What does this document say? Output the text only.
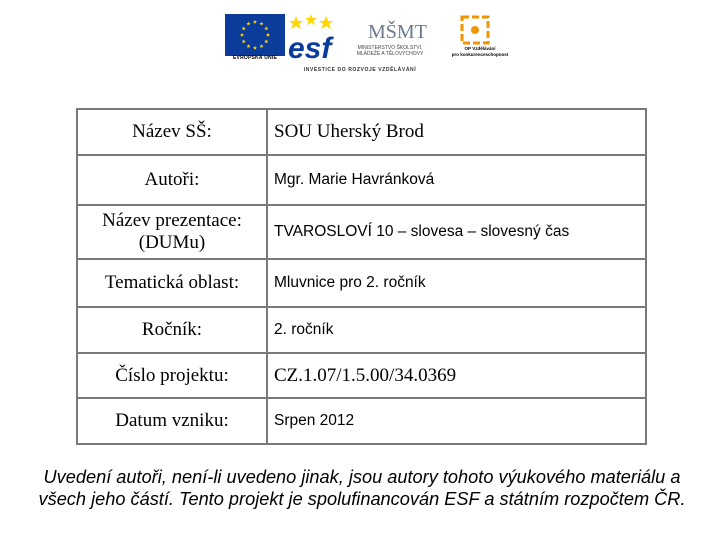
EVROPSKÁ UNIE esf MŠMT
MINISTERSTVO ŠKOLSTVÍ,
MLÁDEŽE A TĚLOVÝCHOVY
OP Vzdělávání
pro konkurenceschopnost
INVESTICE DO ROZVOJE VZDĚLÁVÁNÍ
Název SŠ:	SOU Uherský Brod
Autoři:	Mgr. Marie Havránková

Název prezentace:
(DUMu)	TVAROSLOVÍ 10 – slovesa – slovesný čas
Tematická oblast:	Mluvnice pro 2. ročník
Ročník:	2. ročník
Číslo projektu:	CZ.1.07/1.5.00/34.0369
Datum vzniku:	Srpen 2012
Uvedení autoři, není-li uvedeno jinak, jsou autory tohoto výukového materiálu a
všech jeho částí. Tento projekt je spolufinancován ESF a státním rozpočtem ČR.
